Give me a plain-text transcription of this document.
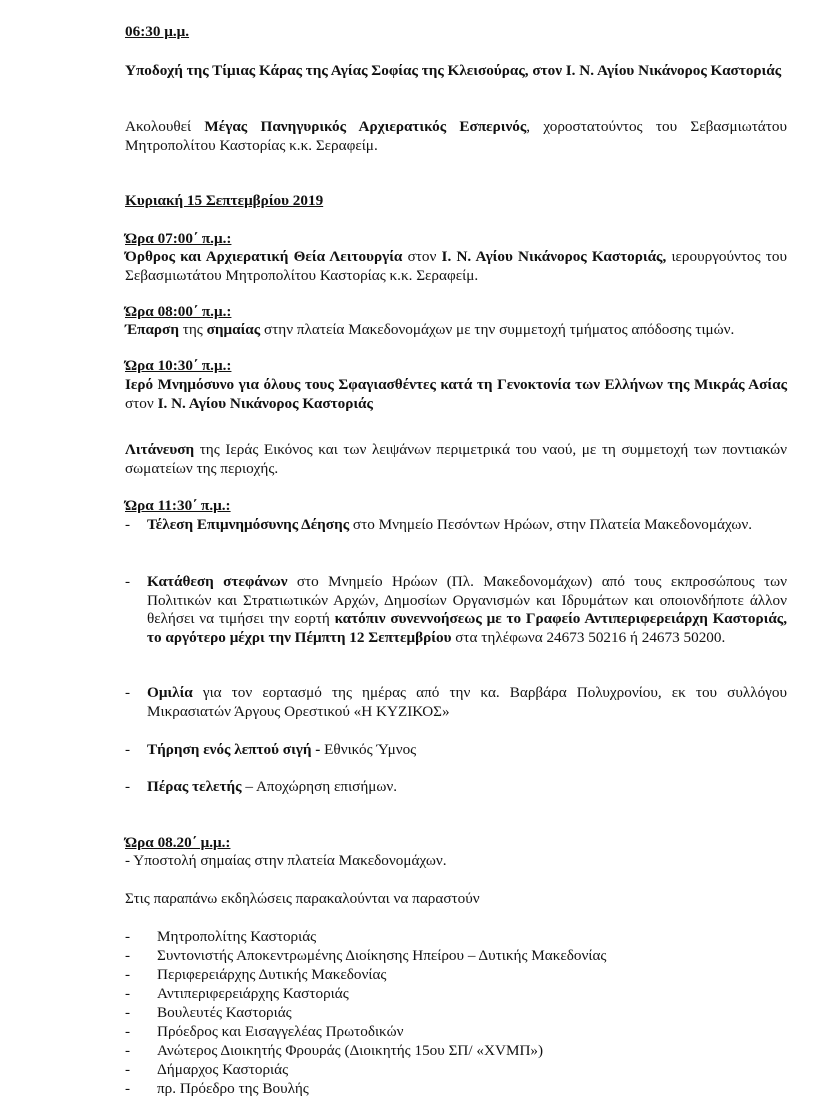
06:30 μ.μ.
Υποδοχή της Τίμιας Κάρας της Αγίας Σοφίας της Κλεισούρας, στον Ι. Ν. Αγίου Νικάνορος Καστοριάς
Ακολουθεί Μέγας Πανηγυρικός Αρχιερατικός Εσπερινός, χοροστατούντος του Σεβασμιωτάτου Μητροπολίτου Καστορίας κ.κ. Σεραφείμ.
Κυριακή 15 Σεπτεμβρίου 2019
Ώρα 07:00΄ π.μ.:
Όρθρος και Αρχιερατική Θεία Λειτουργία στον Ι. Ν. Αγίου Νικάνορος Καστοριάς, ιερουργούντος του Σεβασμιωτάτου Μητροπολίτου Καστορίας κ.κ. Σεραφείμ.
Ώρα 08:00΄ π.μ.:
Έπαρση της σημαίας στην πλατεία Μακεδονομάχων με την συμμετοχή τμήματος απόδοσης τιμών.
Ώρα 10:30΄ π.μ.:
Ιερό Μνημόσυνο για όλους τους Σφαγιασθέντες κατά τη Γενοκτονία των Ελλήνων της Μικράς Ασίας στον Ι. Ν. Αγίου Νικάνορος Καστοριάς
Λιτάνευση της Ιεράς Εικόνος και των λειψάνων περιμετρικά του ναού, με τη συμμετοχή των ποντιακών σωματείων της περιοχής.
Ώρα 11:30΄ π.μ.:
-	Τέλεση Επιμνημόσυνης Δέησης στο Μνημείο Πεσόντων Ηρώων, στην Πλατεία Μακεδονομάχων.
-	Κατάθεση στεφάνων στο Μνημείο Ηρώων (Πλ. Μακεδονομάχων) από τους εκπροσώπους των Πολιτικών και Στρατιωτικών Αρχών, Δημοσίων Οργανισμών και Ιδρυμάτων και οποιονδήποτε άλλον θελήσει να τιμήσει την εορτή κατόπιν συνεννοήσεως με το Γραφείο Αντιπεριφερειάρχη Καστοριάς, το αργότερο μέχρι την Πέμπτη 12 Σεπτεμβρίου στα τηλέφωνα 24673 50216 ή 24673 50200.
-	Ομιλία για τον εορτασμό της ημέρας από την κα. Βαρβάρα Πολυχρονίου, εκ του συλλόγου Μικρασιατών Άργους Ορεστικού «Η ΚΥΖΙΚΟΣ»
-	Τήρηση ενός λεπτού σιγή - Εθνικός Ύμνος
-	Πέρας τελετής – Αποχώρηση επισήμων.
Ώρα 08.20΄ μ.μ.:
- Υποστολή σημαίας στην πλατεία Μακεδονομάχων.
Στις παραπάνω εκδηλώσεις παρακαλούνται να παραστούν
-	Μητροπολίτης Καστοριάς
-	Συντονιστής Αποκεντρωμένης Διοίκησης Ηπείρου – Δυτικής Μακεδονίας
-	Περιφερειάρχης Δυτικής Μακεδονίας
-	Αντιπεριφερειάρχης Καστοριάς
-	Βουλευτές Καστοριάς
-	Πρόεδρος και Εισαγγελέας Πρωτοδικών
-	Ανώτερος Διοικητής Φρουράς (Διοικητής 15ου ΣΠ/ «ΧVΜΠ»)
-	Δήμαρχος Καστοριάς
-	πρ. Πρόεδρο της Βουλής
